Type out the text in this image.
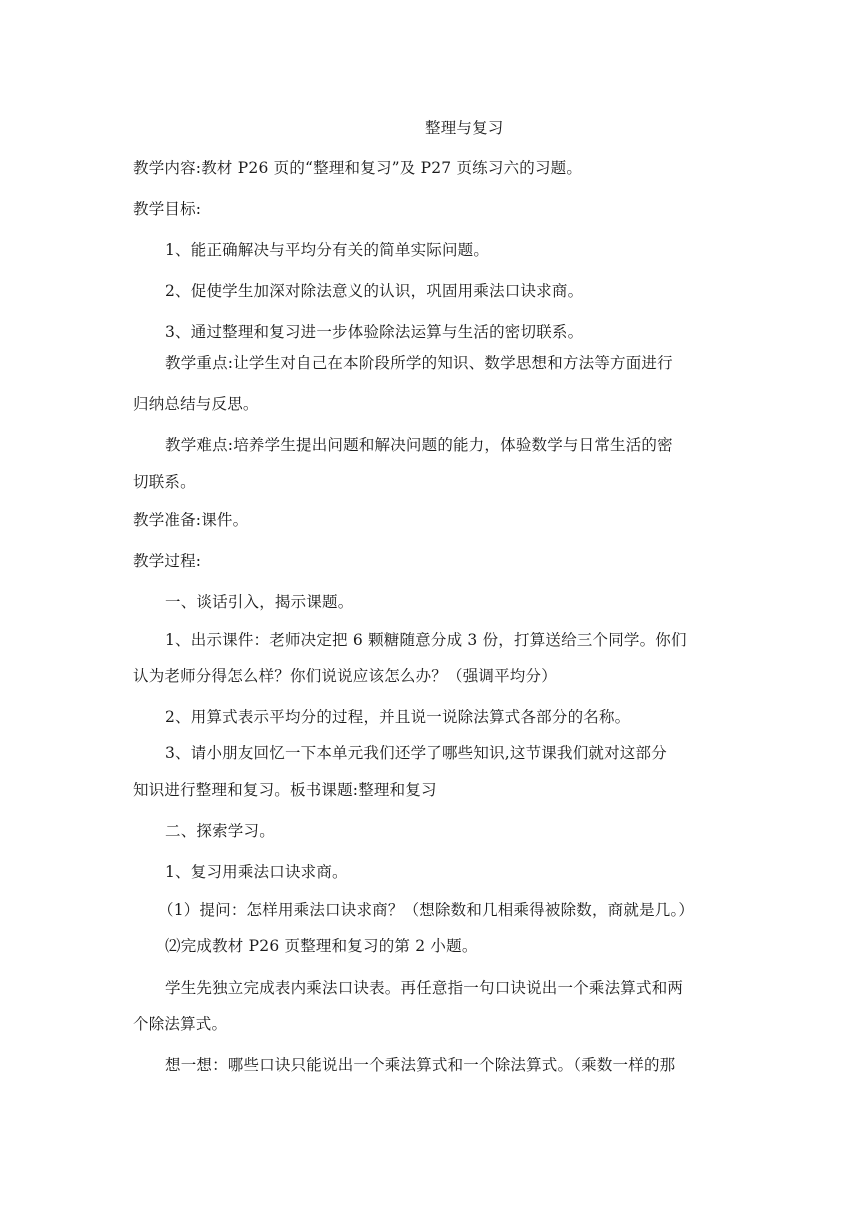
整理与复习
教学内容:教材 P26 页的“整理和复习”及 P27 页练习六的习题。
教学目标:
1、能正确解决与平均分有关的简单实际问题。
2、促使学生加深对除法意义的认识，巩固用乘法口诀求商。
3、通过整理和复习进一步体验除法运算与生活的密切联系。
教学重点:让学生对自己在本阶段所学的知识、数学思想和方法等方面进行
归纳总结与反思。
教学难点:培养学生提出问题和解决问题的能力，体验数学与日常生活的密
切联系。
教学准备:课件。
教学过程:
一、谈话引入，揭示课题。
1、出示课件：老师决定把 6 颗糖随意分成 3 份，打算送给三个同学。你们
认为老师分得怎么样？你们说说应该怎么办？（强调平均分）
2、用算式表示平均分的过程，并且说一说除法算式各部分的名称。
3、请小朋友回忆一下本单元我们还学了哪些知识,这节课我们就对这部分
知识进行整理和复习。板书课题:整理和复习
二、探索学习。
1、复习用乘法口诀求商。
（1）提问：怎样用乘法口诀求商？（想除数和几相乘得被除数，商就是几。）
⑵完成教材 P26 页整理和复习的第 2 小题。
学生先独立完成表内乘法口诀表。再任意指一句口诀说出一个乘法算式和两
个除法算式。
想一想：哪些口诀只能说出一个乘法算式和一个除法算式。（乘数一样的那
